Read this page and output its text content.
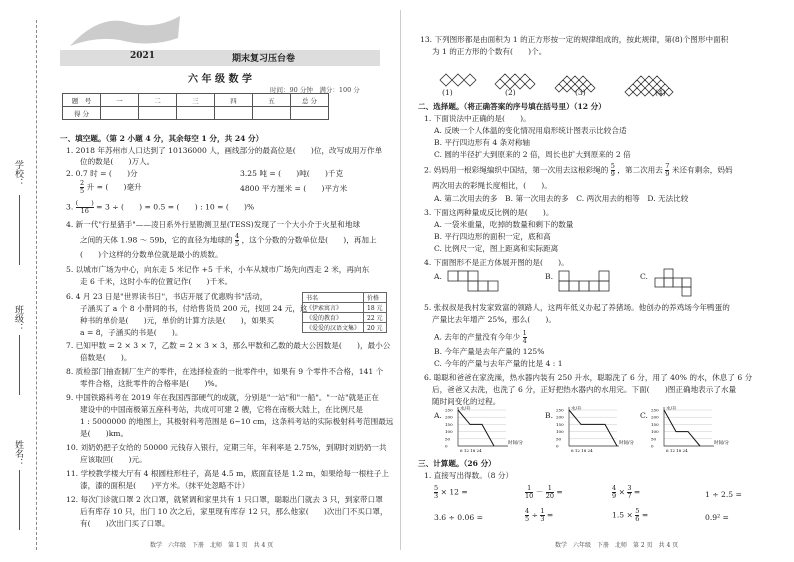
学校：
班级：
姓名：
2021	期末复习压台卷
六 年 级 数 学
时间：90 分钟　满分：100 分
题　号	一	二	三	四	五	总 分
得 分						
一、填空题。（第 2 小题 4 分，其余每空 1 分，共 24 分）
1. 2018 年苏州市人口达到了 10136000 人，画线部分的最高位是(　　)位，改写成用万作单
位的数是(　　)万人。
2. 0.7 时 = (　　)分	3.25 吨 = (　　)吨(　　)千克
$\frac{2}{5}$ 升 = (　　)毫升	4800 平方厘米 = (　　)平方米
3. $\frac{( )}{16} = 3$ ÷ (　　) = 0.5 = (　　) : 10 = (　　)%
4. 新一代"行星猎手"——凌日系外行星勘测卫星(TESS)发现了一个大小介于火星和地球
之间的天体 1.98 ～ 59b，它的直径为地球的 $\frac{4}{5}$ ，这个分数的分数单位是(　　)，再加上
(　　)个这样的分数单位就是最小的质数。
5. 以城市广场为中心，向东走 5 米记作 +5 千米，小车从城市广场先向西走 2 米，再向东
走 6 千米，这时小车的位置记作(　　)千米。
6. 4 月 23 日是"世界读书日"，书店开展了优惠购书"活动，
子涵买了 a 个 8 小册同的书，付给售货员 200 元，找回 24 元，这
种书的单价是(　　)元，单价的计算方法是(　　)，如果买
a = 8，子涵买的书是(　　)。
书名	价格
《伊索寓言》	18 元
《爱的教育》	22 元
《爱爱的汉语文集》	20 元
7. 已知甲数 = 2 × 3 × 7，乙数 = 2 × 3 × 3，那么甲数和乙数的最大公因数是(　　)，最小公
倍数是(　　)。
8. 质检部门抽查制厂生产的零件，在选择检查的一批零件中，如果有 9 个零件不合格，141 个
零件合格，这批零件的合格率是(　　)%。
9. 中国铁路科考在 2019 年在我国西部硬气的成就，分别是"一站"和"一船"。"一站"就是正在
建设中的中国南极第五座科考站，共成可可建 2 艘，它将在南极大陆上，在比例尺是
1 : 5000000 的地图上，其极射科考范围是 6~10 cm，这条科考站的实际极射科考范围最远
是(　　)km。
10. 刘奶奶把子女给的 50000 元钱存入银行，定期三年，年利率是 2.75%，到期时刘奶奶一共
应该取回(　　)元。
11. 学校教学楼大厅有 4 根圆柱形柱子，高是 4.5 m，底面直径是 1.2 m，如果给每一根柱子上
漆，漆的面积是(　　)平方米。（抹平处忽略不计）
12. 每次门诊就口罩 2 次口罩，就紧调和家里共有 1 只口罩，聪聪出门就去 3 只，到家带口罩
后有库存 10 只，出门 10 次之后，家里现有库存 12 只，那么他家(　　)次出门不买口罩，
有(　　)次出门买了口罩。
数学　六年级　下册　北师　第 1 页　共 4 页
13. 下列图形都是由面积为 1 的正方形按一定的规律组成的，按此规律，第(8)个图形中面积
为 1 的正方形的个数有(　　)个。
(1)	(2)	(3)	(4)
二、选择题。（将正确答案的序号填在括号里）（12 分）
1. 下面说法中正确的是(　　)。
A. 反映一个人体温的变化情况用扇形统计图表示比较合适
B. 平行四边形有 4 条对称轴
C. 圆的半径扩大到原来的 2 倍，周长也扩大到原来的 2 倍
2. 妈妈用一根彩绳编织中国结，第一次用去这根彩绳的 $\frac{5}{9}$ ，第二次用去 $\frac{7}{9}$ 米还有剩余，妈妈
两次用去的彩绳长度相比，(　　)。
A. 第二次用去的多　B. 第一次用去的多　C. 两次用去的相等　D. 无法比较
3. 下面这两种量成反比例的是(　　)。
A. 一袋米重量，吃掉的数量和剩下的数量
B. 平行四边形的面积一定，底和高
C. 比例尺一定，图上距离和实际距离
4. 下面图形不是正方体展开图的是(　　)。
A.	B.	C.
5. 张叔叔是我村发家致富的领路人，这两年低义办起了养猪场。他创办的养鸡场今年鸭蛋的
产量比去年增产 25%，那么(　　)。
A. 去年的产量没有今年少 $\frac{1}{4}$
B. 今年产量是去年产量的 125%
C. 今年的产量与去年产量的比是 4 : 1
6. 聪聪和爸爸在家洗澡，热水器内装有 250 升水，聪聪洗了 6 分，用了 40% 的水，休息了 6 分
后，爸爸又去洗，也洗了 6 分，正好把热水器内的水用完。下面(　　)图正确地表示了水量
随时间变化的过程。
A.
水/升
时间/分
250
200
150
100
50
0
6 12 18 24
B.
水/升
时间/分
250
200
150
100
50
0
6 12 18 24
C.
水/升
时间/分
250
200
150
100
50
0
6 12 18 24
三、计算题。（26 分）
1. 直接写出得数。（8 分）
$\frac{5}{3} \times 12$ =	$\frac{1}{10} - \frac{1}{20}$ =	$\frac{4}{9} \times \frac{3}{7}$ =	1 ÷ 2.5 =
3.6 ÷ 0.06 =	$\frac{4}{5} \div \frac{1}{3}$ =	$1.5 \times \frac{5}{6}$ =	0.9² =
数学　六年级　下册　北师　第 2 页　共 4 页
